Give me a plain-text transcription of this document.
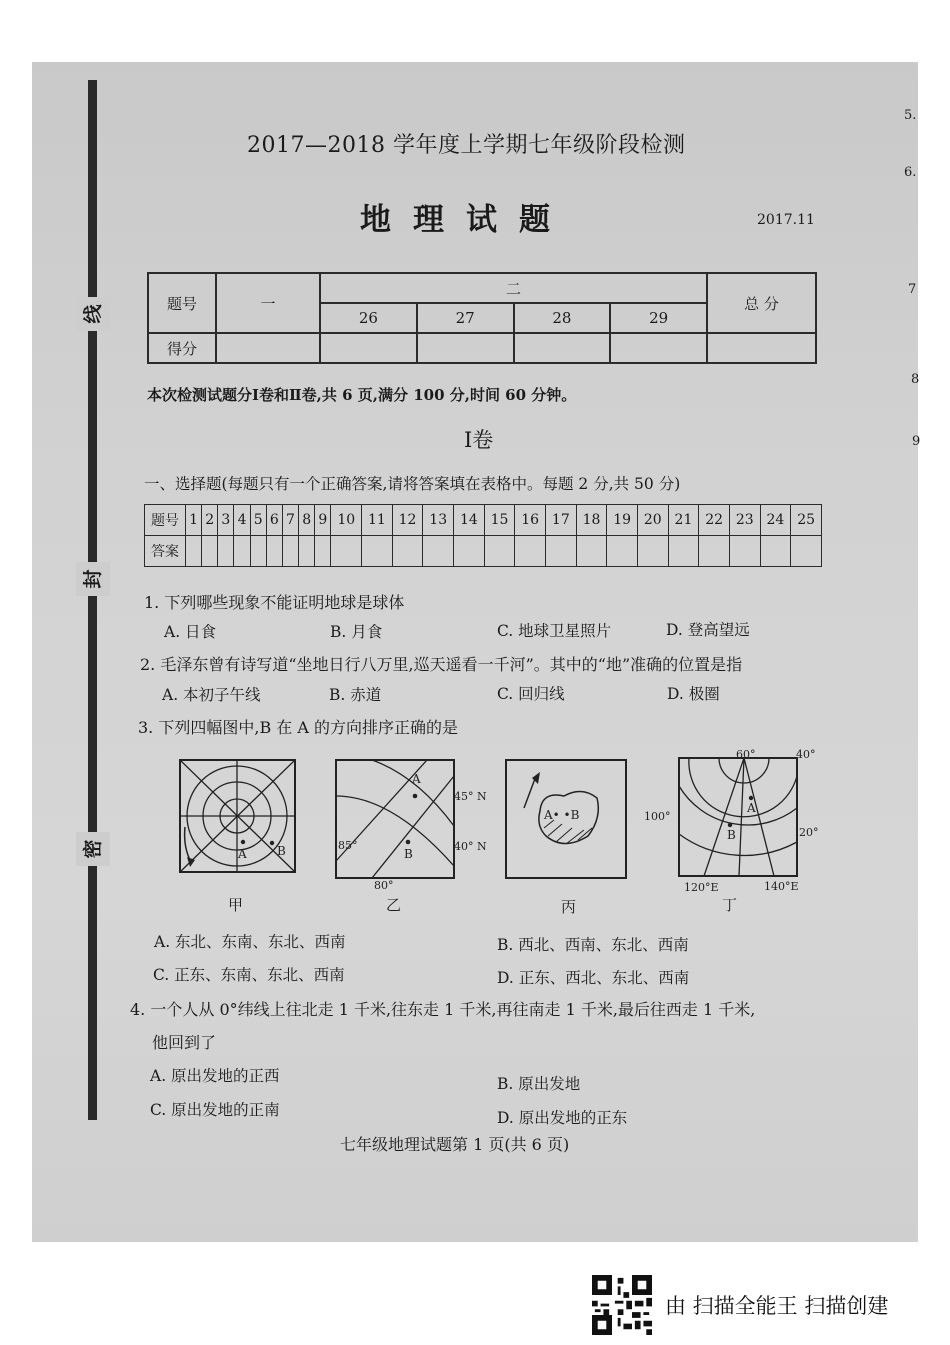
线
封
密
2017—2018 学年度上学期七年级阶段检测
地理试题	2017.11
题号	一	二				总 分
		26	27	28	29	
得分						
本次检测试题分Ⅰ卷和Ⅱ卷,共 6 页,满分 100 分,时间 60 分钟。
Ⅰ卷
一、选择题(每题只有一个正确答案,请将答案填在表格中。每题 2 分,共 50 分)
题号	1	2	3	4	5	6	7	8	9	10	11	12	13	14	15	16	17	18	19	20	21	22	23	24	25
答案																									
1. 下列哪些现象不能证明地球是球体
A. 日食	B. 月食	C. 地球卫星照片	D. 登高望远
2. 毛泽东曾有诗写道“坐地日行八万里,巡天遥看一千河”。其中的“地”准确的位置是指
A. 本初子午线	B. 赤道	C. 回归线	D. 极圈
3. 下列四幅图中,B 在 A 的方向排序正确的是
A	B
A
B
45° N
40° N
85°
80°
A• •B	A
B
60°	40°
100°
20°
120°E	140°E
甲	乙	丙	丁
A. 东北、东南、东北、西南	B. 西北、西南、东北、西南
C. 正东、东南、东北、西南	D. 正东、西北、东北、西南
4. 一个人从 0°纬线上往北走 1 千米,往东走 1 千米,再往南走 1 千米,最后往西走 1 千米,
他回到了
A. 原出发地的正西	B. 原出发地
C. 原出发地的正南	D. 原出发地的正东
七年级地理试题第 1 页(共 6 页)
5.
6.
7
8
9
由 扫描全能王 扫描创建
